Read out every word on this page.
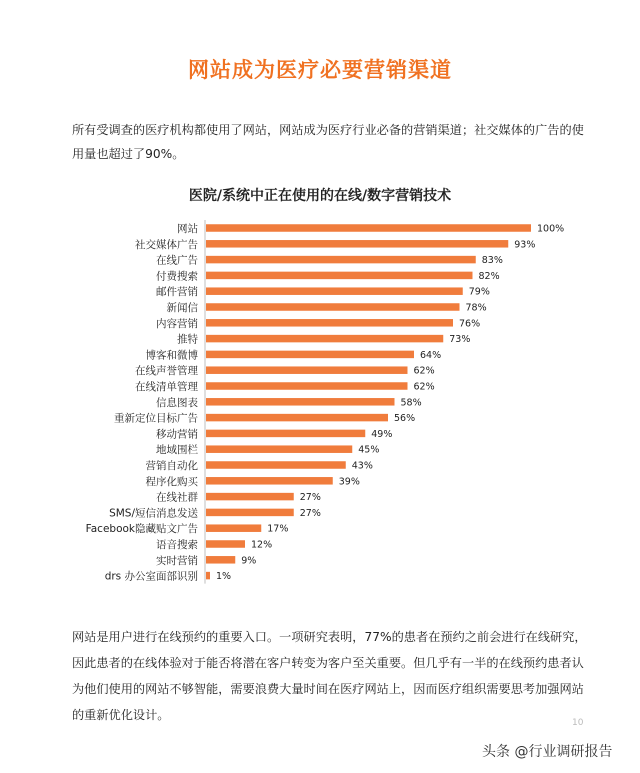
网站成为医疗必要营销渠道
所有受调查的医疗机构都使用了网站，网站成为医疗行业必备的营销渠道；社交媒体的广告的使用量也超过了90%。
医院/系统中正在使用的在线/数字营销技术
网站	100%
社交媒体广告	93%
在线广告	83%
付费搜索	82%
邮件营销	79%
新闻信	78%
内容营销	76%
推特	73%
博客和微博	64%
在线声誉管理	62%
在线清单管理	62%
信息图表	58%
重新定位目标广告	56%
移动营销	49%
地域围栏	45%
营销自动化	43%
程序化购买	39%
在线社群	27%
SMS/短信消息发送	27%
Facebook隐藏贴文广告	17%
语音搜索	12%
实时营销	9%
drs 办公室面部识别 1%
网站是用户进行在线预约的重要入口。一项研究表明，77%的患者在预约之前会进行在线研究，因此患者的在线体验对于能否将潜在客户转变为客户至关重要。但几乎有一半的在线预约患者认为他们使用的网站不够智能，需要浪费大量时间在医疗网站上，因而医疗组织需要思考加强网站的重新优化设计。
10
头条 @行业调研报告
